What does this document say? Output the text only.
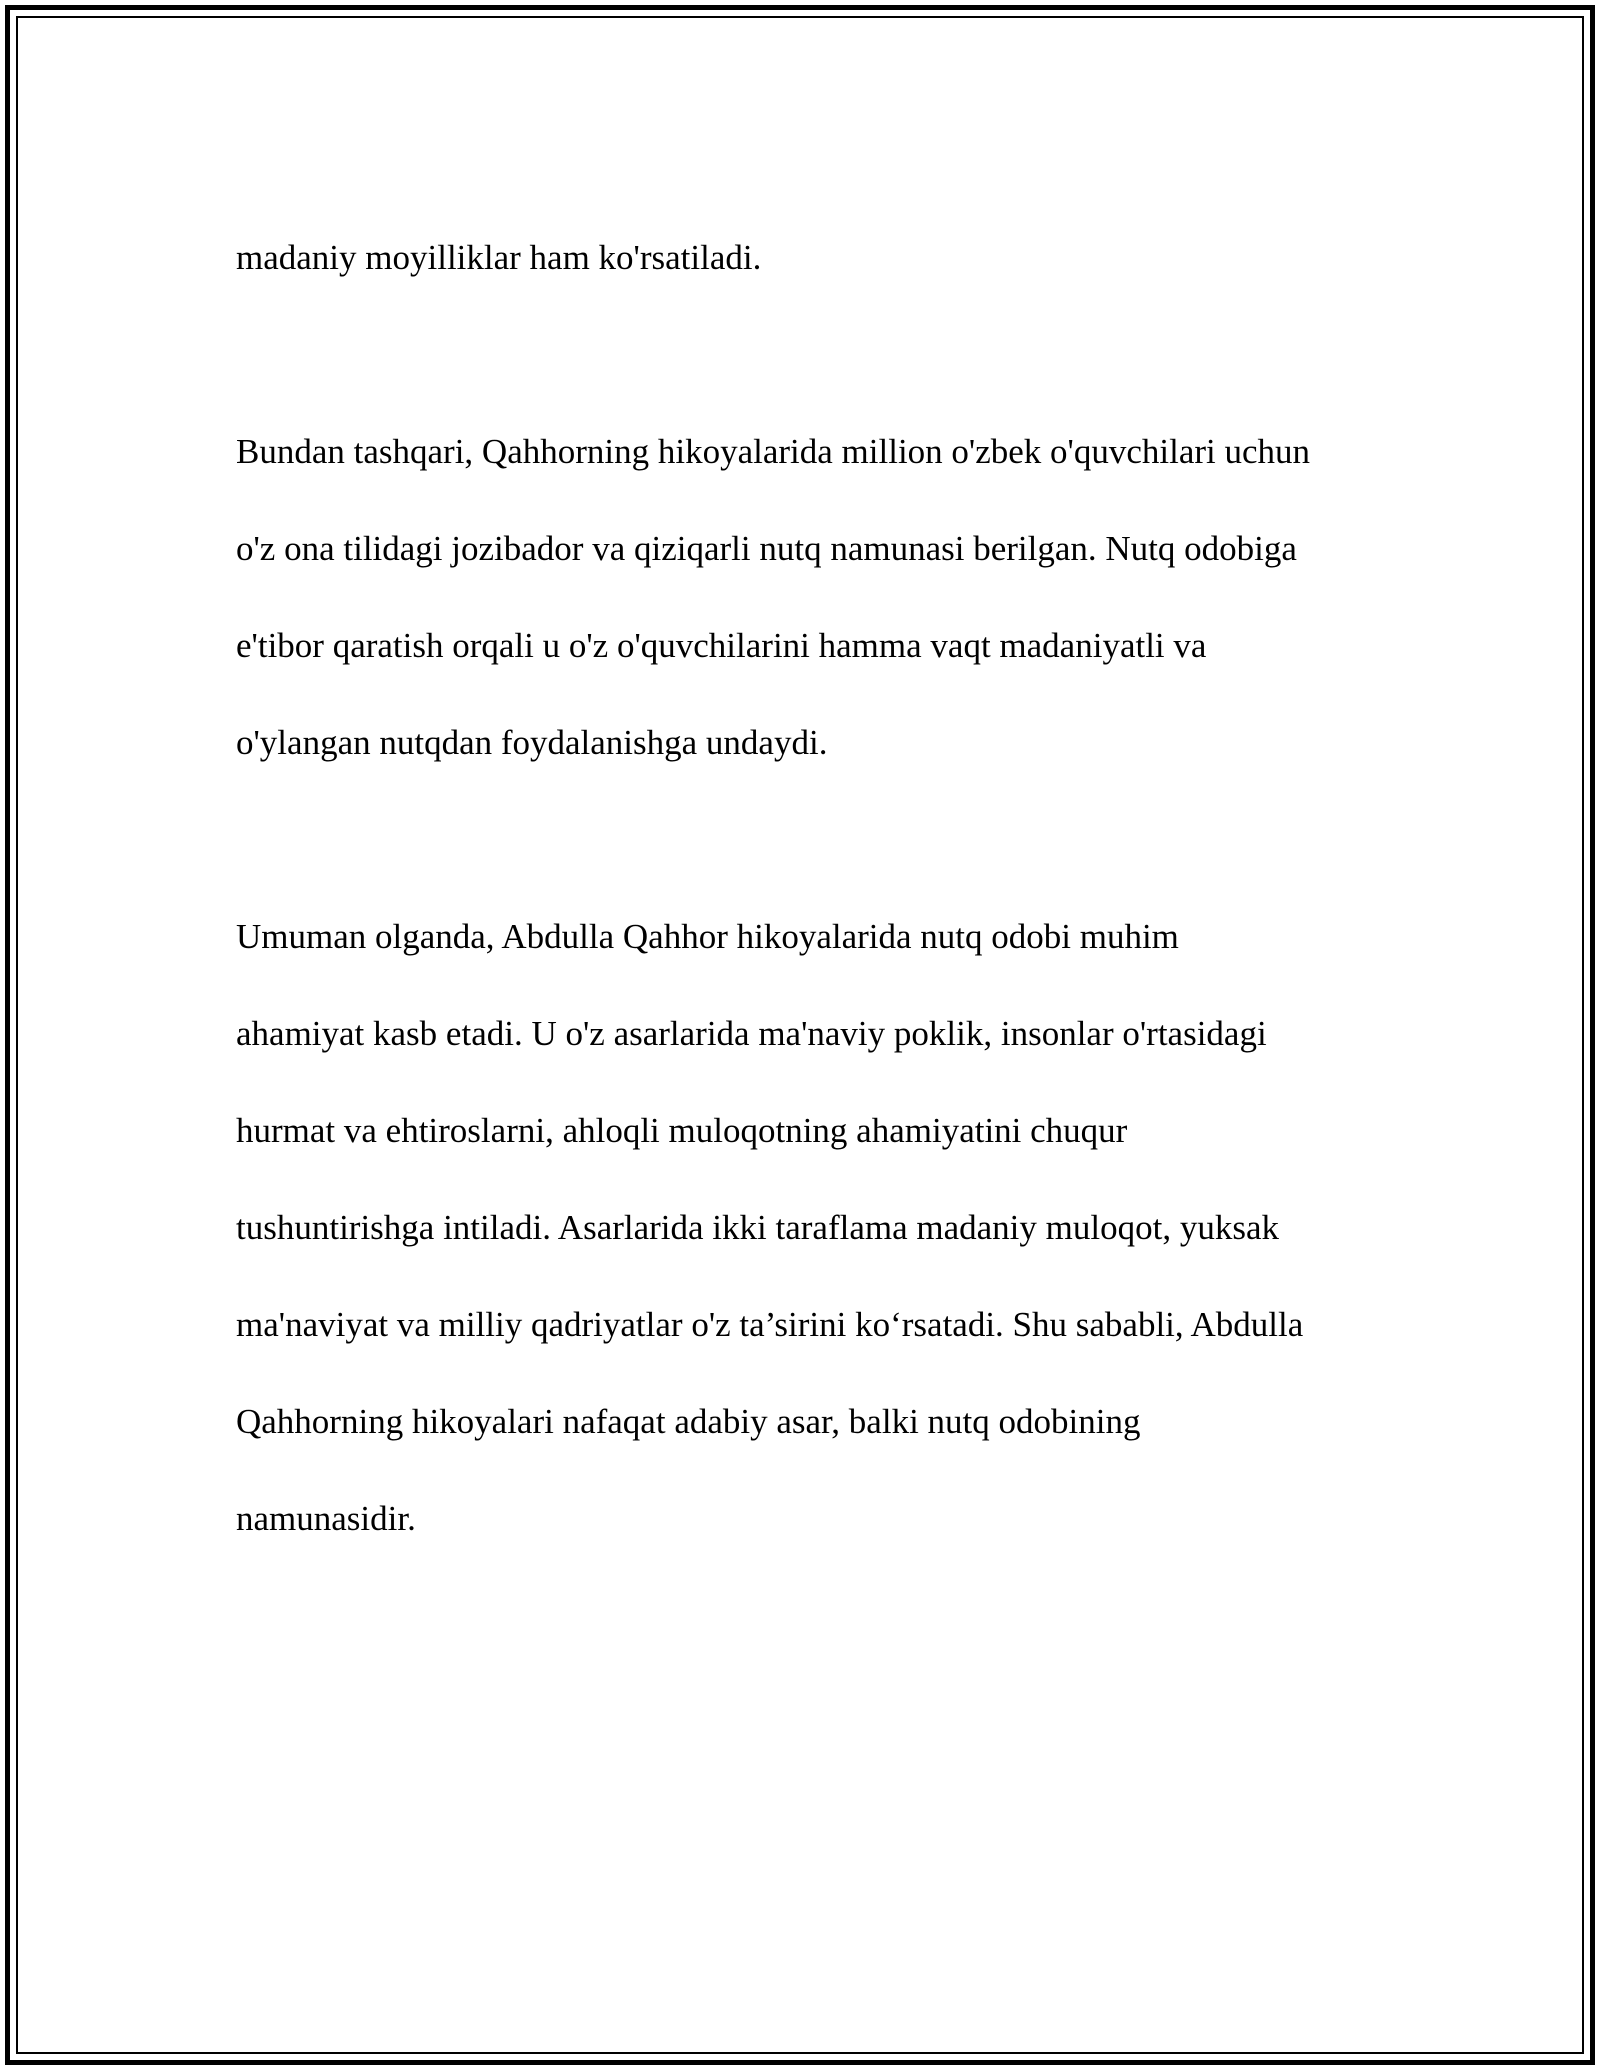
madaniy moyilliklar ham ko'rsatiladi.

Bundan tashqari, Qahhorning hikoyalarida million o'zbek o'quvchilari uchun

o'z ona tilidagi jozibador va qiziqarli nutq namunasi berilgan. Nutq odobiga

e'tibor qaratish orqali u o'z o'quvchilarini hamma vaqt madaniyatli va

o'ylangan nutqdan foydalanishga undaydi.

Umuman olganda, Abdulla Qahhor hikoyalarida nutq odobi muhim

ahamiyat kasb etadi. U o'z asarlarida ma'naviy poklik, insonlar o'rtasidagi

hurmat va ehtiroslarni, ahloqli muloqotning ahamiyatini chuqur

tushuntirishga intiladi. Asarlarida ikki taraflama madaniy muloqot, yuksak

ma'naviyat va milliy qadriyatlar o'z ta’sirini ko‘rsatadi. Shu sababli, Abdulla

Qahhorning hikoyalari nafaqat adabiy asar, balki nutq odobining

namunasidir.
